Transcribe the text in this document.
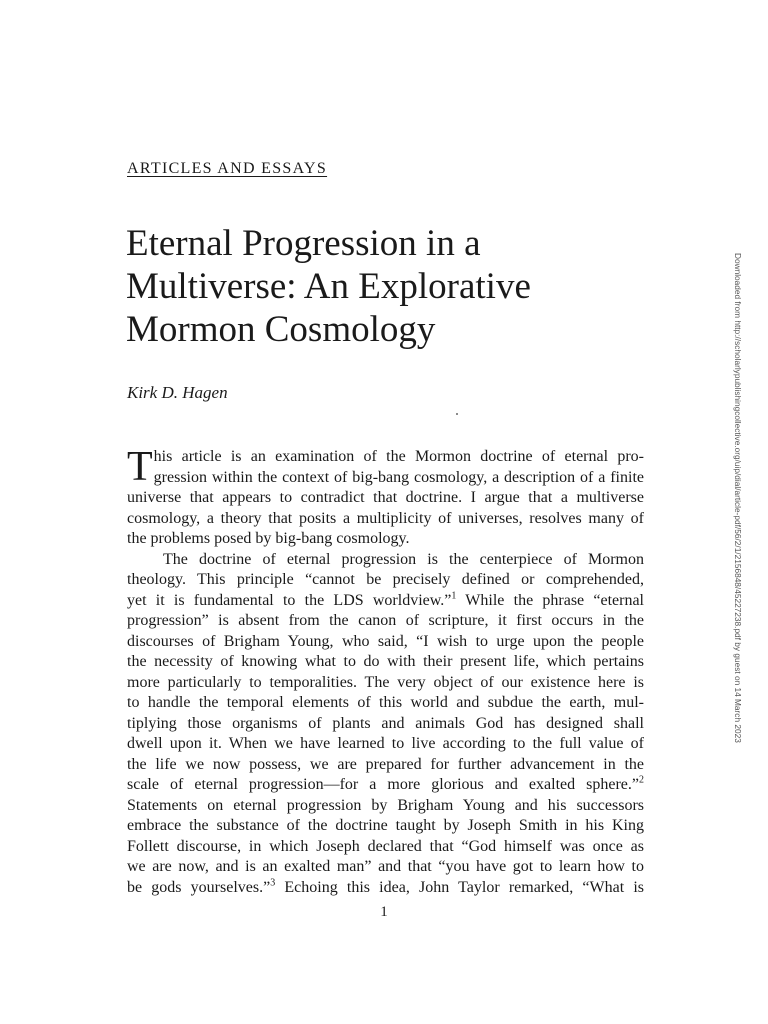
ARTICLES AND ESSAYS
Eternal Progression in a
Multiverse: An Explorative
Mormon Cosmology
Kirk D. Hagen
This article is an examination of the Mormon doctrine of eternal pro-
gression within the context of big-bang cosmology, a description of a finite
universe that appears to contradict that doctrine. I argue that a multiverse
cosmology, a theory that posits a multiplicity of universes, resolves many of
the problems posed by big-bang cosmology.
The doctrine of eternal progression is the centerpiece of Mormon
theology. This principle “cannot be precisely defined or comprehended,
yet it is fundamental to the LDS worldview.”$^1$ While the phrase “eternal
progression” is absent from the canon of scripture, it first occurs in the
discourses of Brigham Young, who said, “I wish to urge upon the people
the necessity of knowing what to do with their present life, which pertains
more particularly to temporalities. The very object of our existence here is
to handle the temporal elements of this world and subdue the earth, mul-
tiplying those organisms of plants and animals God has designed shall
dwell upon it. When we have learned to live according to the full value of
the life we now possess, we are prepared for further advancement in the
scale of eternal progression—for a more glorious and exalted sphere.”$^2$
Statements on eternal progression by Brigham Young and his successors
embrace the substance of the doctrine taught by Joseph Smith in his King
Follett discourse, in which Joseph declared that “God himself was once as
we are now, and is an exalted man” and that “you have got to learn how to
be gods yourselves.”$^3$ Echoing this idea, John Taylor remarked, “What is
1
Downloaded from http://scholarlypublishingcollective.org/uip/dial/article-pdf/56/2/1/2156848/45227238.pdf by guest on 14 March 2023
